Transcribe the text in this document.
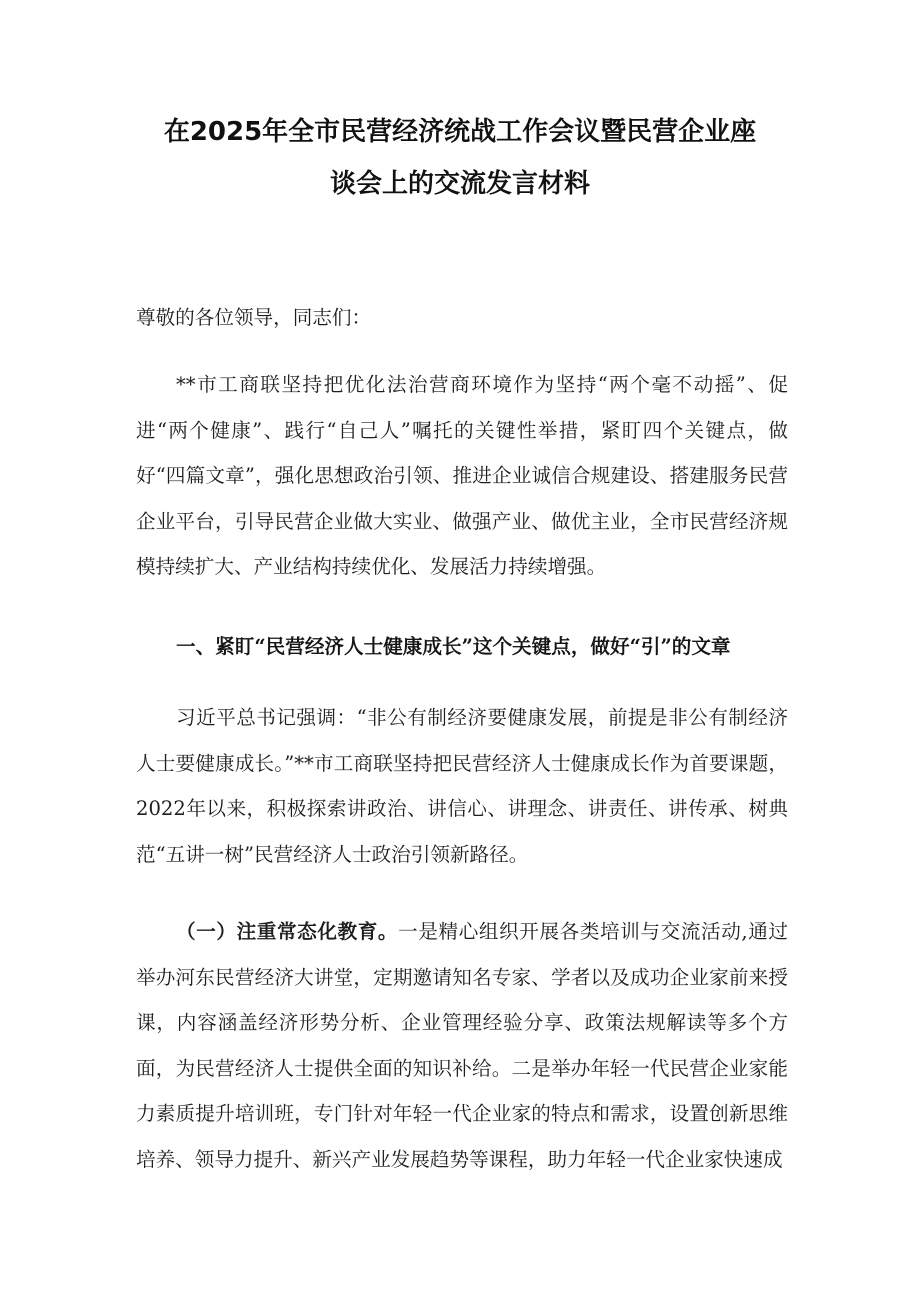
在2025年全市民营经济统战工作会议暨民营企业座
谈会上的交流发言材料
尊敬的各位领导，同志们：

**市工商联坚持把优化法治营商环境作为坚持“两个毫不动摇”、促进“两个健康”、践行“自己人”嘱托的关键性举措，紧盯四个关键点，做好“四篇文章”，强化思想政治引领、推进企业诚信合规建设、搭建服务民营企业平台，引导民营企业做大实业、做强产业、做优主业，全市民营经济规模持续扩大、产业结构持续优化、发展活力持续增强。

一、紧盯“民营经济人士健康成长”这个关键点，做好“引”的文章

习近平总书记强调：“非公有制经济要健康发展，前提是非公有制经济人士要健康成长。”**市工商联坚持把民营经济人士健康成长作为首要课题，2022年以来，积极探索讲政治、讲信心、讲理念、讲责任、讲传承、树典范“五讲一树”民营经济人士政治引领新路径。

（一）注重常态化教育。一是精心组织开展各类培训与交流活动,通过举办河东民营经济大讲堂，定期邀请知名专家、学者以及成功企业家前来授课，内容涵盖经济形势分析、企业管理经验分享、政策法规解读等多个方面，为民营经济人士提供全面的知识补给。二是举办年轻一代民营企业家能力素质提升培训班，专门针对年轻一代企业家的特点和需求，设置创新思维培养、领导力提升、新兴产业发展趋势等课程，助力年轻一代企业家快速成
